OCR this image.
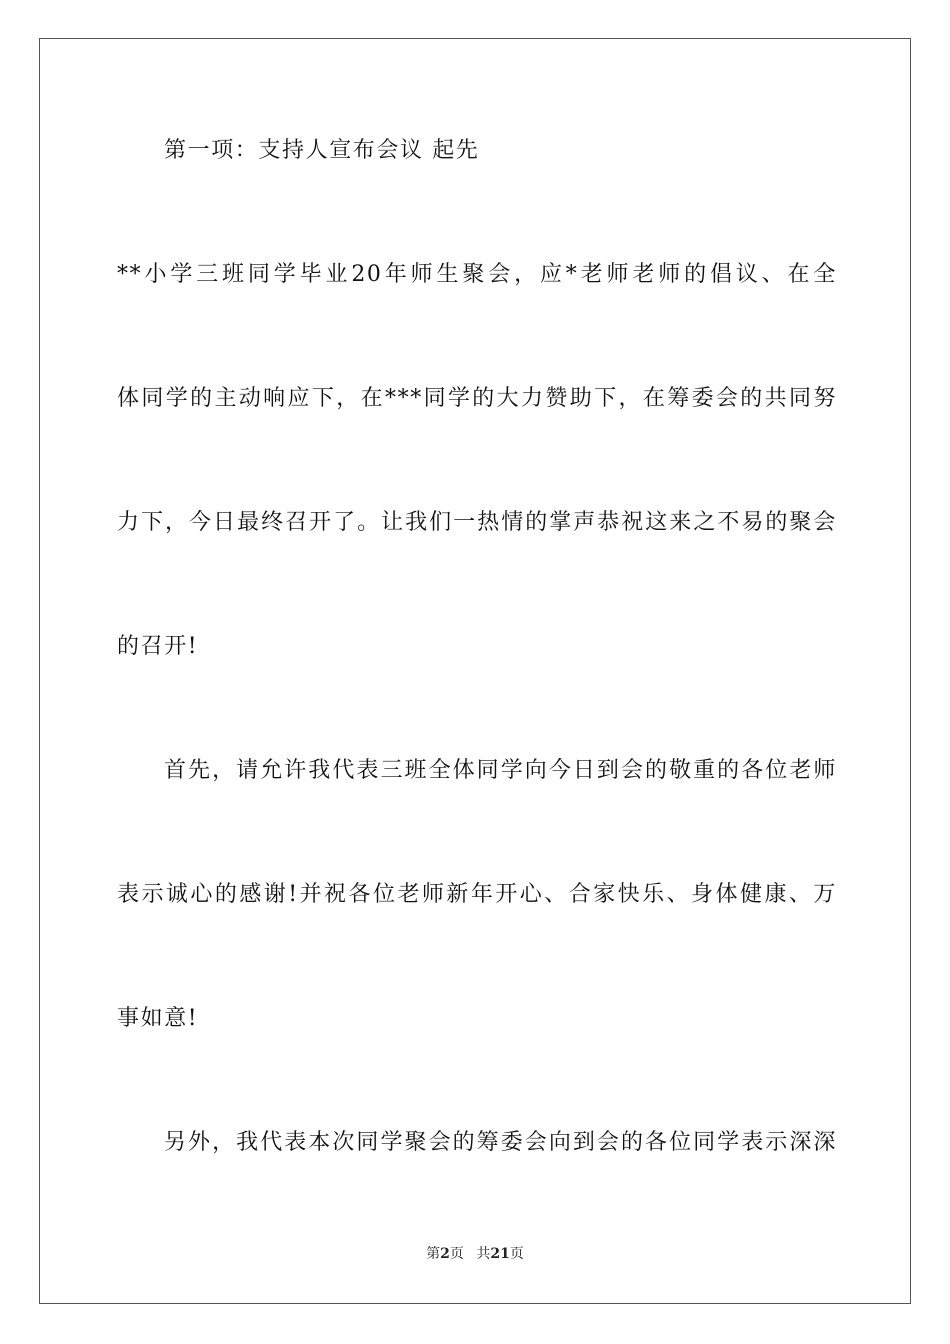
第一项：支持人宣布会议 起先
**小学三班同学毕业20年师生聚会，应*老师老师的倡议、在全
体同学的主动响应下，在***同学的大力赞助下，在筹委会的共同努
力下，今日最终召开了。让我们一热情的掌声恭祝这来之不易的聚会
的召开!
首先，请允许我代表三班全体同学向今日到会的敬重的各位老师
表示诚心的感谢!并祝各位老师新年开心、合家快乐、身体健康、万
事如意!
另外，我代表本次同学聚会的筹委会向到会的各位同学表示深深
第2页 共21页
